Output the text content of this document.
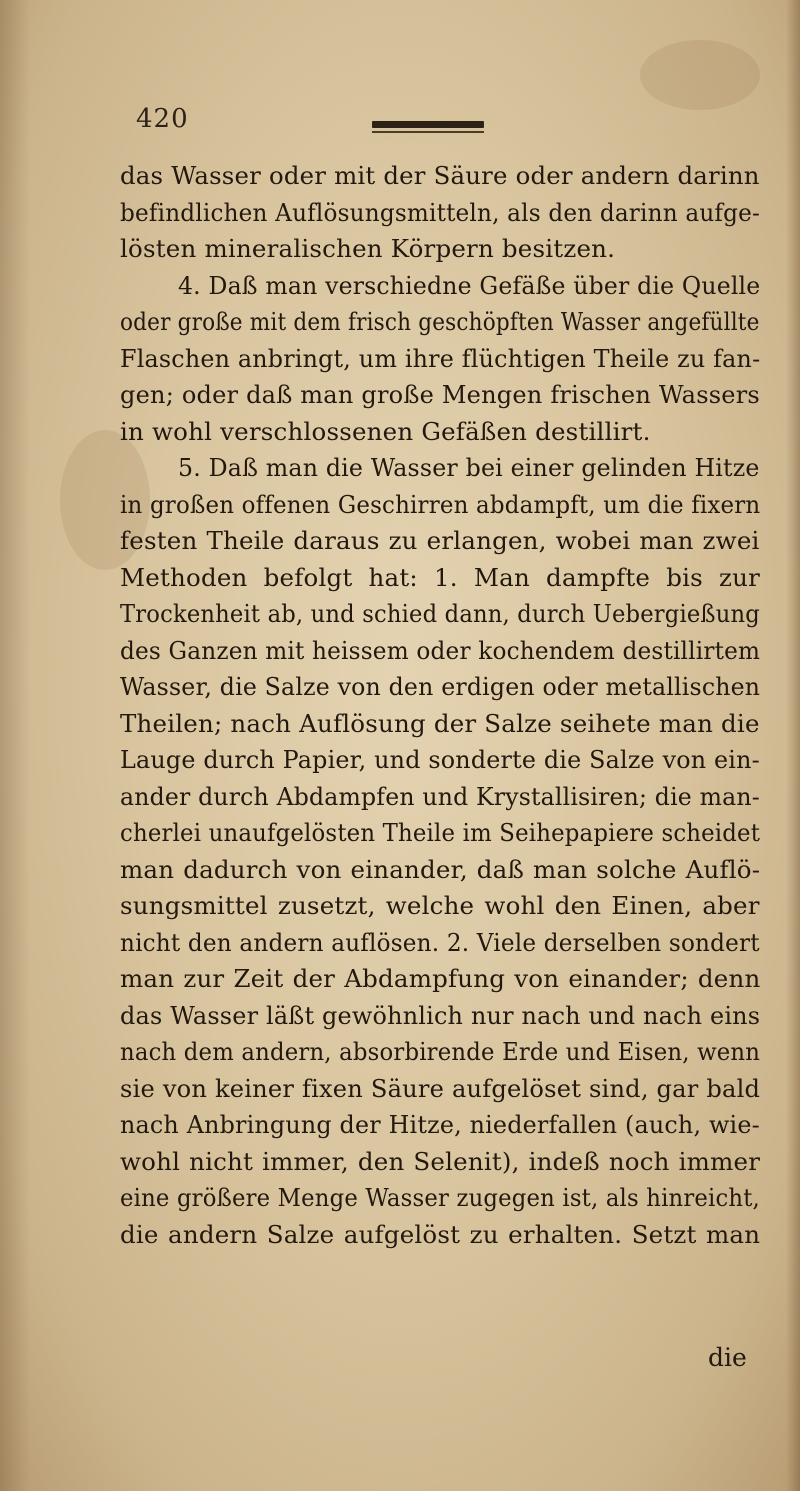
420
das Wasser oder mit der Säure oder andern darinn
befindlichen Auflösungsmitteln, als den darinn aufge-
lösten mineralischen Körpern besitzen.
4. Daß man verschiedne Gefäße über die Quelle
oder große mit dem frisch geschöpften Wasser angefüllte
Flaschen anbringt, um ihre flüchtigen Theile zu fan-
gen; oder daß man große Mengen frischen Wassers
in wohl verschlossenen Gefäßen destillirt.
5. Daß man die Wasser bei einer gelinden Hitze
in großen offenen Geschirren abdampft, um die fixern
festen Theile daraus zu erlangen, wobei man zwei
Methoden befolgt hat: 1. Man dampfte bis zur
Trockenheit ab, und schied dann, durch Uebergießung
des Ganzen mit heissem oder kochendem destillirtem
Wasser, die Salze von den erdigen oder metallischen
Theilen; nach Auflösung der Salze seihete man die
Lauge durch Papier, und sonderte die Salze von ein-
ander durch Abdampfen und Krystallisiren; die man-
cherlei unaufgelösten Theile im Seihepapiere scheidet
man dadurch von einander, daß man solche Auflö-
sungsmittel zusetzt, welche wohl den Einen, aber
nicht den andern auflösen. 2. Viele derselben sondert
man zur Zeit der Abdampfung von einander; denn
das Wasser läßt gewöhnlich nur nach und nach eins
nach dem andern, absorbirende Erde und Eisen, wenn
sie von keiner fixen Säure aufgelöset sind, gar bald
nach Anbringung der Hitze, niederfallen (auch, wie-
wohl nicht immer, den Selenit), indeß noch immer
eine größere Menge Wasser zugegen ist, als hinreicht,
die andern Salze aufgelöst zu erhalten. Setzt man
die
